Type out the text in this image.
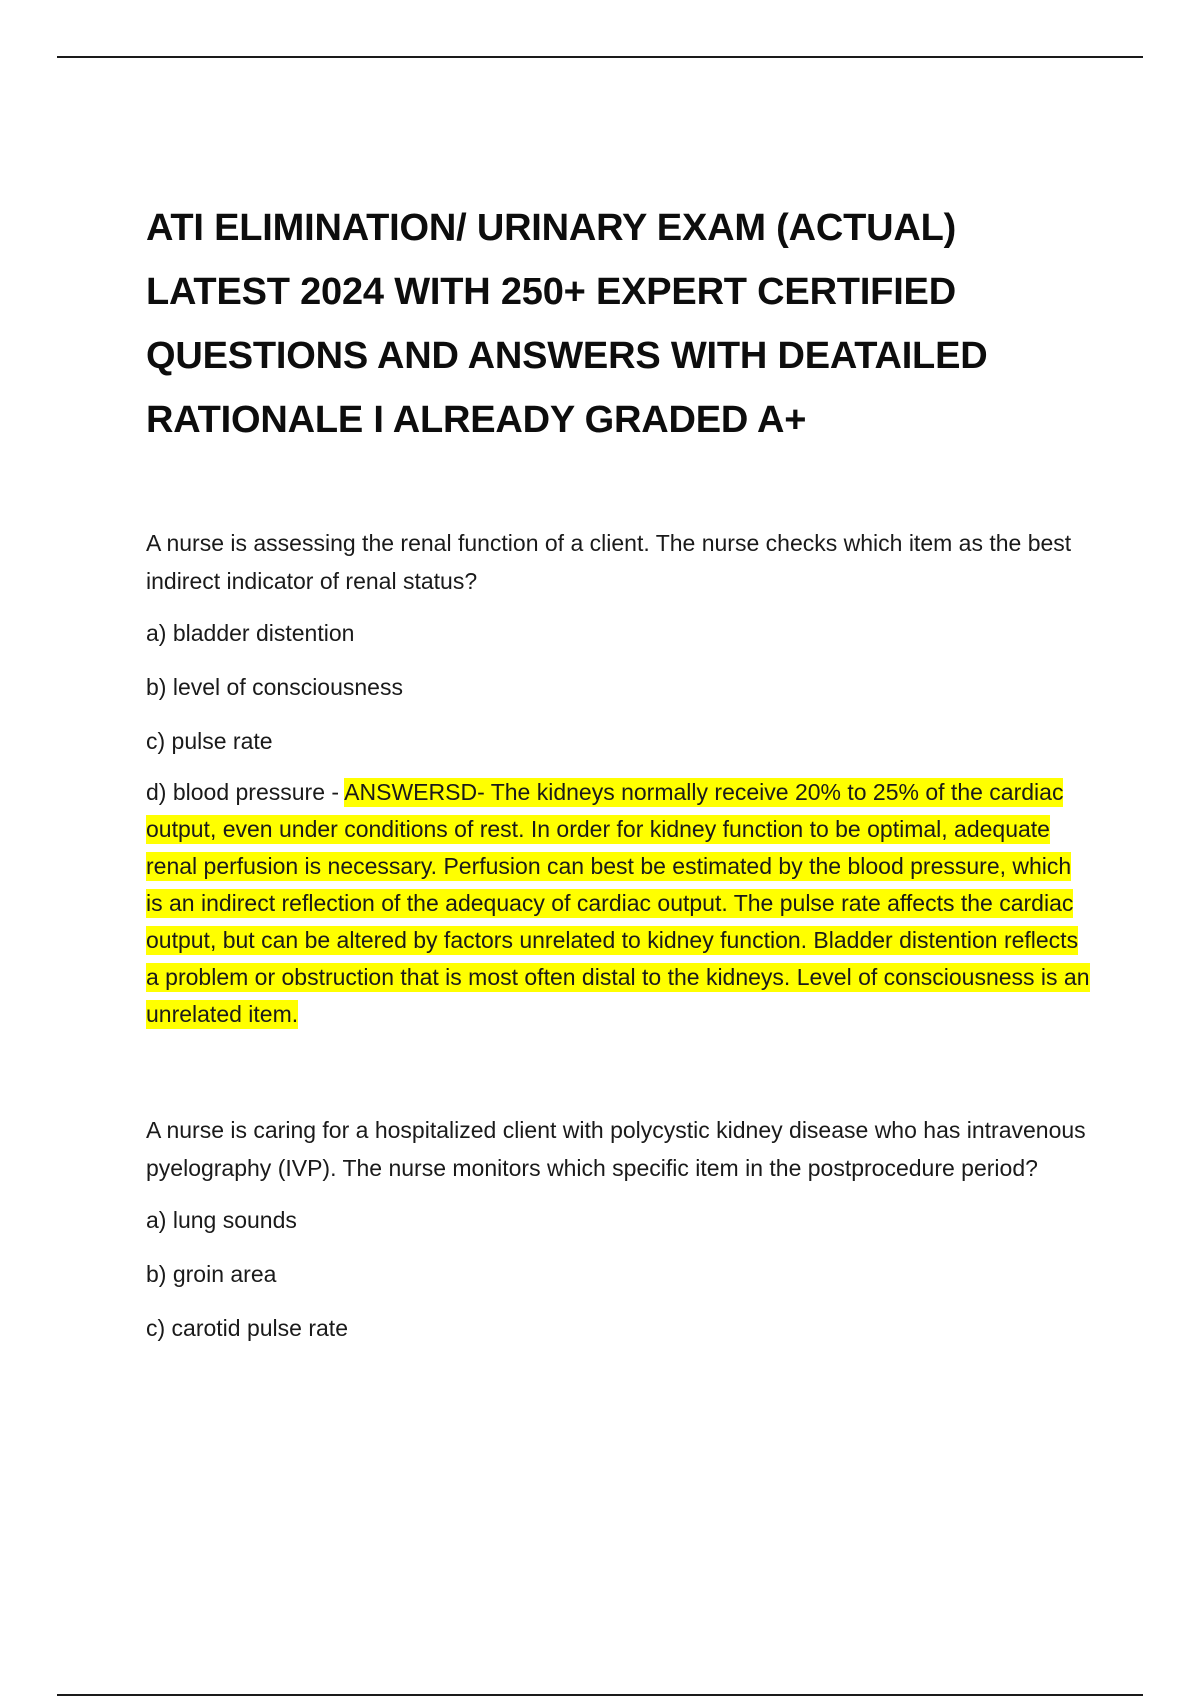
ATI ELIMINATION/ URINARY EXAM (ACTUAL) LATEST 2024 WITH 250+ EXPERT CERTIFIED QUESTIONS AND ANSWERS WITH DEATAILED RATIONALE I ALREADY GRADED A+

A nurse is assessing the renal function of a client. The nurse checks which item as the best indirect indicator of renal status?

a) bladder distention
b) level of consciousness
c) pulse rate
d) blood pressure - ANSWERSD- The kidneys normally receive 20% to 25% of the cardiac output, even under conditions of rest. In order for kidney function to be optimal, adequate renal perfusion is necessary. Perfusion can best be estimated by the blood pressure, which is an indirect reflection of the adequacy of cardiac output. The pulse rate affects the cardiac output, but can be altered by factors unrelated to kidney function. Bladder distention reflects a problem or obstruction that is most often distal to the kidneys. Level of consciousness is an unrelated item.

A nurse is caring for a hospitalized client with polycystic kidney disease who has intravenous pyelography (IVP). The nurse monitors which specific item in the postprocedure period?

a) lung sounds
b) groin area
c) carotid pulse rate
